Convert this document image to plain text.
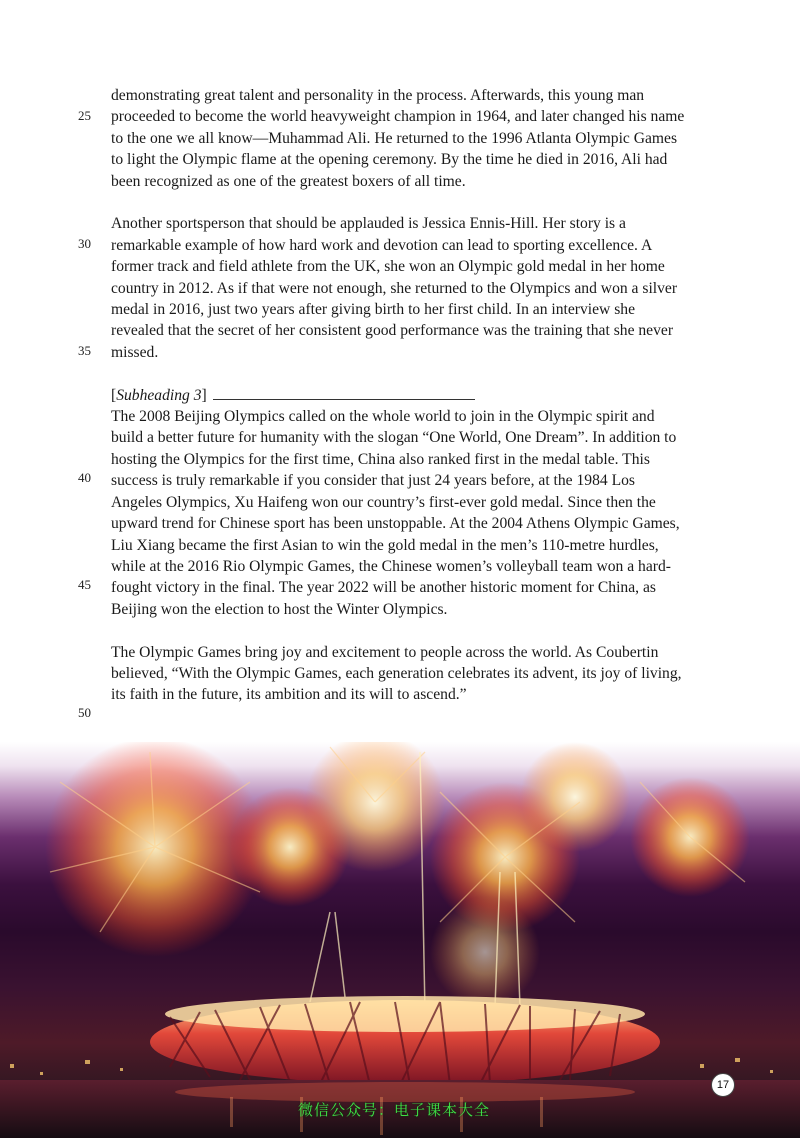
25
30
35
40
45
50

demonstrating great talent and personality in the process. Afterwards, this young man proceeded to become the world heavyweight champion in 1964, and later changed his name to the one we all know—Muhammad Ali. He returned to the 1996 Atlanta Olympic Games to light the Olympic flame at the opening ceremony. By the time he died in 2016, Ali had been recognized as one of the greatest boxers of all time.

Another sportsperson that should be applauded is Jessica Ennis-Hill. Her story is a remarkable example of how hard work and devotion can lead to sporting excellence. A former track and field athlete from the UK, she won an Olympic gold medal in her home country in 2012. As if that were not enough, she returned to the Olympics and won a silver medal in 2016, just two years after giving birth to her first child. In an interview she revealed that the secret of her consistent good performance was the training that she never missed.

[Subheading 3]

The 2008 Beijing Olympics called on the whole world to join in the Olympic spirit and build a better future for humanity with the slogan “One World, One Dream”. In addition to hosting the Olympics for the first time, China also ranked first in the medal table. This success is truly remarkable if you consider that just 24 years before, at the 1984 Los Angeles Olympics, Xu Haifeng won our country’s first-ever gold medal. Since then the upward trend for Chinese sport has been unstoppable. At the 2004 Athens Olympic Games, Liu Xiang became the first Asian to win the gold medal in the men’s 110-metre hurdles, while at the 2016 Rio Olympic Games, the Chinese women’s volleyball team won a hard-fought victory in the final. The year 2022 will be another historic moment for China, as Beijing won the election to host the Winter Olympics.

The Olympic Games bring joy and excitement to people across the world. As Coubertin believed, “With the Olympic Games, each generation celebrates its advent, its joy of living, its faith in the future, its ambition and its will to ascend.”

17
微信公众号：电子课本大全
